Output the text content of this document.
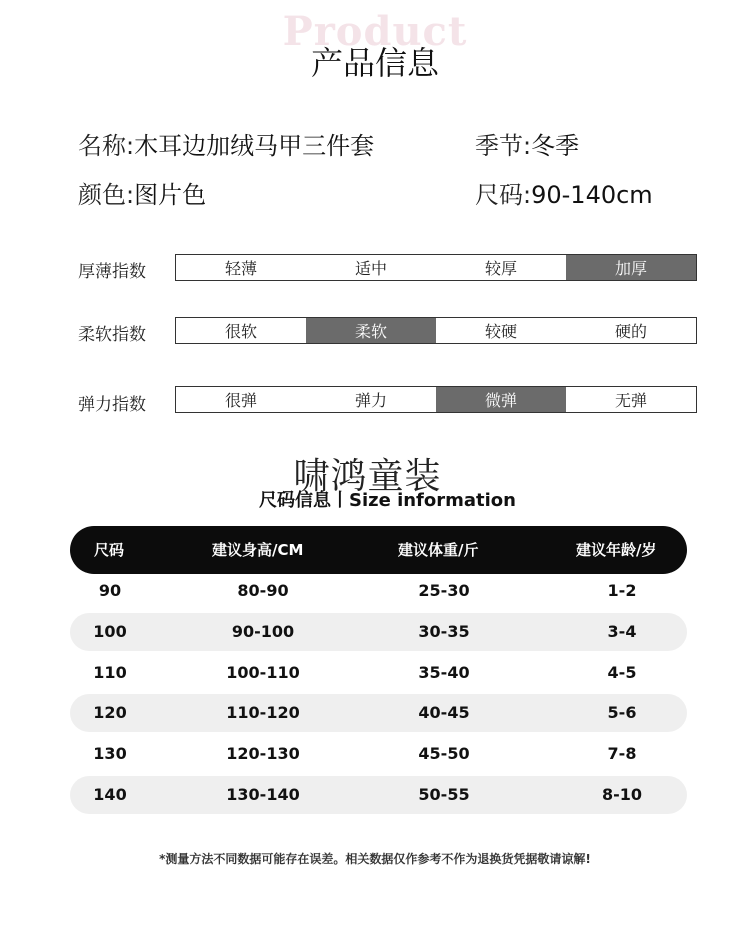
Product
产品信息
名称:木耳边加绒马甲三件套	季节:冬季
颜色:图片色	尺码:90-140cm
厚薄指数	轻薄	适中	较厚	加厚
柔软指数	很软	柔软	较硬	硬的
弹力指数	很弹	弹力	微弹	无弹
啸鸿童装
尺码信息丨Size information
尺码	建议身高/CM	建议体重/斤	建议年龄/岁
90	80-90	25-30	1-2
100	90-100	30-35	3-4
110	100-110	35-40	4-5
120	110-120	40-45	5-6
130	120-130	45-50	7-8
140	130-140	50-55	8-10
*测量方法不同数据可能存在误差。相关数据仅作参考不作为退换货凭据敬请谅解!
